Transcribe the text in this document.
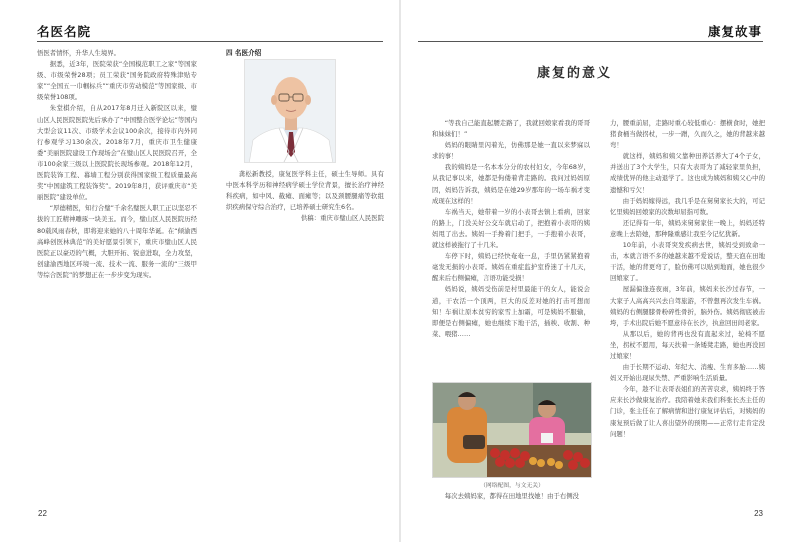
名医名院

悟医者情怀，升华人生境界。

据悉，近3年，医院荣获“全国模范职工之家”等国家级、市级荣誉28项；员工荣获“国务院政府特殊津贴专家”“全国五一巾帼标兵”“重庆市劳动模范”等国家级、市级荣誉108项。

朱堂棋介绍，自从2017年8月迁入新院区以来，璧山区人民医院医院先后承办了“中国整合医学论坛”等国内大型会议11次、市级学术会议100余次，接待市内外同行参观学习130余次。2018年7月，重庆市卫生健康委“美丽医院建设工作现场会”在璧山区人民医院召开，全市100余家三级以上医院院长现场参观。2018年12月，医院装饰工程、幕墙工程分别获得国家级工程质量最高奖“中国建筑工程装饰奖”。2019年8月，获评重庆市“美丽医院”建设单位。

“厚德精医，知行合璧”千余名璧医人职工正以坚忍不拔的工匠精神雕琢一块美玉。而今，璧山区人民医院历经80载风雨春秋，即将迎来她的八十周年华诞。在“倾渝西高峰创医林典范”的美好愿景引领下，重庆市璧山区人民医院正以豪迈的气概，大胆开拓、锐意进取，全力攻坚，创建渝西地区环境一流、技术一流、服务一流的“三级甲等综合医院”的梦想正在一步步变为现实。

四 名医介绍

龚松新教授，康复医学科主任，硕士生导师。具有中医本科学历和神经病学硕士学位背景，擅长治疗神经科疾病，如中风、截瘫、面瘫等；以及颈腰腿痛等软组织疾病保守综合治疗，已培养硕士研究生6名。

供稿：重庆市璧山区人民医院

22
康复故事
康复的意义

“等我自己能直起腰走路了，我就回娘家看我的哥哥和妹妹们！”

妈妈的眼睛里闪着光，仿佛那是她一直以来梦寐以求的事！

我的姨妈是一名本本分分的农村妇女，今年68岁，从我记事以来，她都是佝偻着背走路的。我问过妈妈原因，妈妈告诉我，姨妈是在她29岁那年的一场车祸才变成现在这样的！

车祸当天，她带着一岁的小表哥去镇上看病，回家的路上，门没关好公交车就启动了，把抱着小表哥的姨妈甩了出去。姨妈一手搀着门把手，一手抱着小表哥，就这样被拖行了十几米。

车停下时，姨妈已经快奄奄一息，手里仍紧紧抱着毫发无损的小表哥。姨妈在重症监护室昏迷了十几天，醒来后右侧偏瘫，言语功能受损！

妈妈说，姨妈受伤前是村里最能干的女人，能说会道，干农活一个顶两，巨大的反差对她的打击可想而知！车祸让原本贫穷的家雪上加霜，可是姨妈不服输，即便是右侧偏瘫，她也继续下地干活，插秧、收割、种菜、喂猪……

（网络配图，与文无关）

每次去姨妈家，都得在田地里找她！由于右侧没

力，腰重前屈，走路时重心较低重心：摆横食时，她把猪食桶当做拐杖，一步一蹭，久而久之，她的背越来越弯！

就这样，姨妈和姨父靠种田养活养大了4个子女，并送出了3个大学生，只有大表哥为了减轻家里负担，成绩优异的他主动退学了。这也成为姨妈和姨父心中的遗憾和亏欠！

由于妈妈嫁得远，我几乎是在舅舅家长大的，可记忆里姨妈回娘家的次数却屈指可数。

还记得有一年，姨妈来舅舅家住一晚上，妈妈还特意晚上去陪她，那种隆重感让我至今记忆犹新。

10年前，小表哥突发疾病去世，姨妈受到致命一击，本就言语不多的她越来越不爱说话，整天泡在田地干活，她的背更弯了，脸仿佛可以贴到地面，她也很少回娘家了。

屋漏偏逢连夜雨，3年前，姨妈来长沙过春节，一大家子人高高兴兴去自驾旅游，不曾想再次发生车祸。姨妈的右侧腿膝骨粉碎性骨折，脑外伤。姨妈彻底被击垮，手术出院后她不愿意待在长沙，执意回田间老家。

从那以后，她的背再也没有直起来过，轮椅不愿坐，拐杖不愿用，每天扶着一条矮凳走路，她也再没回过娘家！

由于长期不运动、年纪大、消瘦、生育多胎……姨妈又开始出现尿失禁、严重影响生活质量。

今年，趁不让表哥表姐们的苦苦哀求，姨妈终于答应来长沙做康复治疗。我陪着她来我们科张长杰主任的门诊，张主任在了解病情和进行康复评估后，对姨妈的康复预后做了让人喜出望外的预期——正常行走肯定没问题！

23
